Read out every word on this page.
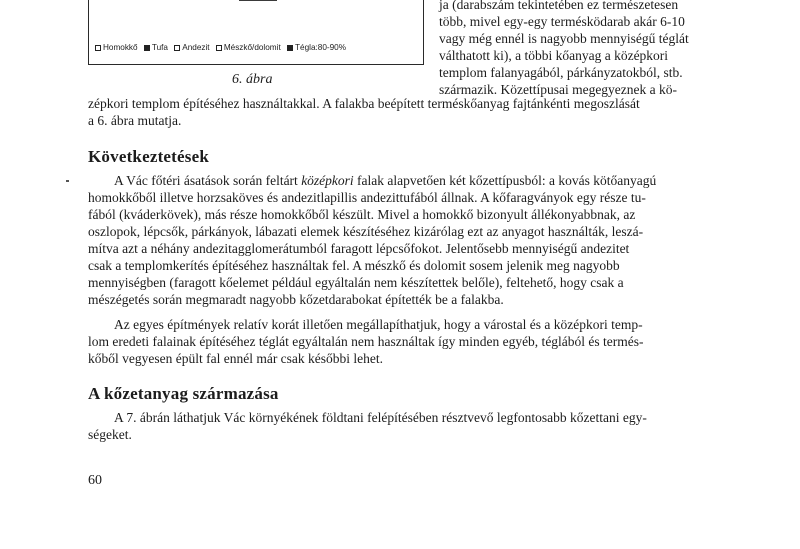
Homokkő Tufa Andezit Mészkő/dolomit Tégla:80-90%
6. ábra
ja (darabszám tekintetében ez természetesen
több, mivel egy-egy termésködarab akár 6-10
vagy még ennél is nagyobb mennyiségű téglát
válthatott ki), a többi kőanyag a középkori
templom falanyagából, párkányzatokból, stb.
származik. Közettípusai megegyeznek a kö-
zépkori templom építéséhez használtakkal. A falakba beépített terméskőanyag fajtánkénti megoszlását
a 6. ábra mutatja.
Következtetések
A Vác főtéri ásatások során feltárt középkori falak alapvetően két kőzettípusból: a kovás kötőanyagú
homokkőből illetve horzsaköves és andezitlapillis andezittufából állnak. A kőfaragványok egy része tu-
fából (kváderkövek), más része homokkőből készült. Mivel a homokkő bizonyult állékonyabbnak, az
oszlopok, lépcsők, párkányok, lábazati elemek készítéséhez kizárólag ezt az anyagot használták, leszá-
mítva azt a néhány andezitagglomerátumból faragott lépcsőfokot. Jelentősebb mennyiségű andezitet
csak a templomkerítés építéséhez használtak fel. A mészkő és dolomit sosem jelenik meg nagyobb
mennyiségben (faragott kőelemet például egyáltalán nem készítettek belőle), feltehető, hogy csak a
mészégetés során megmaradt nagyobb kőzetdarabokat építették be a falakba.
Az egyes építmények relatív korát illetően megállapíthatjuk, hogy a várostal és a középkori temp-
lom eredeti falainak építéséhez téglát egyáltalán nem használtak így minden egyéb, téglából és termés-
kőből vegyesen épült fal ennél már csak későbbi lehet.
A kőzetanyag származása
A 7. ábrán láthatjuk Vác környékének földtani felépítésében résztvevő legfontosabb kőzettani egy-
ségeket.
60
